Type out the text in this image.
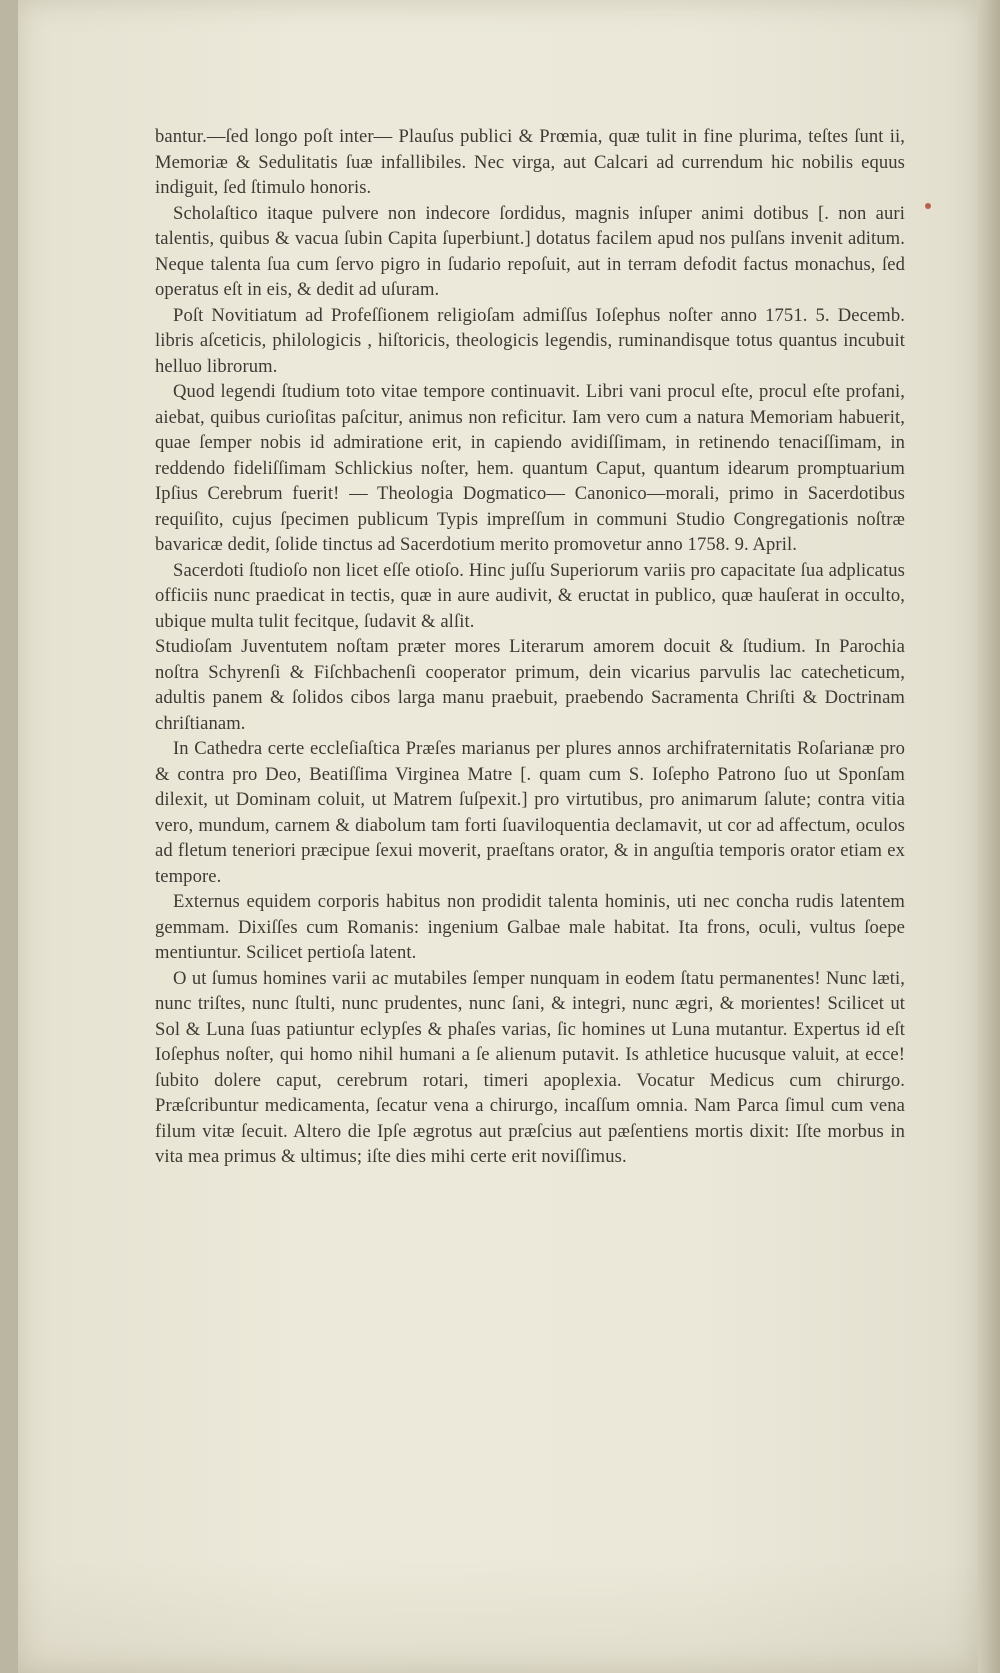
bantur.—ſed longo poſt inter— Plauſus publici & Prœmia, quæ tulit in fine plurima, teſtes ſunt ii, Memoriæ & Sedulitatis ſuæ infallibiles. Nec virga, aut Calcari ad currendum hic nobilis equus indiguit, ſed ſtimulo honoris.

Scholaſtico itaque pulvere non indecore ſordidus, magnis inſuper animi dotibus [. non auri talentis, quibus & vacua ſubin Capita ſuperbiunt.] dotatus facilem apud nos pulſans invenit aditum. Neque talenta ſua cum ſervo pigro in ſudario repoſuit, aut in terram defodit factus monachus, ſed operatus eſt in eis, & dedit ad uſuram.

Poſt Novitiatum ad Profeſſionem religioſam admiſſus Ioſephus noſter anno 1751. 5. Decemb. libris aſceticis, philologicis , hiſtoricis, theologicis legendis, ruminandisque totus quantus incubuit helluo librorum.

Quod legendi ſtudium toto vitae tempore continuavit. Libri vani procul eſte, procul eſte profani, aiebat, quibus curioſitas paſcitur, animus non reficitur. Iam vero cum a natura Memoriam habuerit, quae ſemper nobis id admiratione erit, in capiendo avidiſſimam, in retinendo tenaciſſimam, in reddendo fideliſſimam Schlickius noſter, hem. quantum Caput, quantum idearum promptuarium Ipſius Cerebrum fuerit! — Theologia Dogmatico— Canonico—morali, primo in Sacerdotibus requiſito, cujus ſpecimen publicum Typis impreſſum in communi Studio Congregationis noſtræ bavaricæ dedit, ſolide tinctus ad Sacerdotium merito promovetur anno 1758. 9. April.

Sacerdoti ſtudioſo non licet eſſe otioſo. Hinc juſſu Superiorum variis pro capacitate ſua adplicatus officiis nunc praedicat in tectis, quæ in aure audivit, & eructat in publico, quæ hauſerat in occulto, ubique multa tulit fecitque, ſudavit & alſit.

Studioſam Juventutem noſtam præter mores Literarum amorem docuit & ſtudium. In Parochia noſtra Schyrenſi & Fiſchbachenſi cooperator primum, dein vicarius parvulis lac catecheticum, adultis panem & ſolidos cibos larga manu praebuit, praebendo Sacramenta Chriſti & Doctrinam chriſtianam.

In Cathedra certe eccleſiaſtica Præſes marianus per plures annos archifraternitatis Roſarianæ pro & contra pro Deo, Beatiſſima Virginea Matre [. quam cum S. Ioſepho Patrono ſuo ut Sponſam dilexit, ut Dominam coluit, ut Matrem ſuſpexit.] pro virtutibus, pro animarum ſalute; contra vitia vero, mundum, carnem & diabolum tam forti ſuaviloquentia declamavit, ut cor ad affectum, oculos ad fletum teneriori præcipue ſexui moverit, praeſtans orator, & in anguſtia temporis orator etiam ex tempore.

Externus equidem corporis habitus non prodidit talenta hominis, uti nec concha rudis latentem gemmam. Dixiſſes cum Romanis: ingenium Galbae male habitat. Ita frons, oculi, vultus ſoepe mentiuntur. Scilicet pertioſa latent.

O ut ſumus homines varii ac mutabiles ſemper nunquam in eodem ſtatu permanentes! Nunc læti, nunc triſtes, nunc ſtulti, nunc prudentes, nunc ſani, & integri, nunc ægri, & morientes! Scilicet ut Sol & Luna ſuas patiuntur eclypſes & phaſes varias, ſic homines ut Luna mutantur. Expertus id eſt Ioſephus noſter, qui homo nihil humani a ſe alienum putavit. Is athletice hucusque valuit, at ecce! ſubito dolere caput, cerebrum rotari, timeri apoplexia. Vocatur Medicus cum chirurgo. Præſcribuntur medicamenta, ſecatur vena a chirurgo, incaſſum omnia. Nam Parca ſimul cum vena filum vitæ ſecuit. Altero die Ipſe ægrotus aut præſcius aut pæſentiens mortis dixit: Iſte morbus in vita mea primus & ultimus; iſte dies mihi certe erit noviſſimus.
